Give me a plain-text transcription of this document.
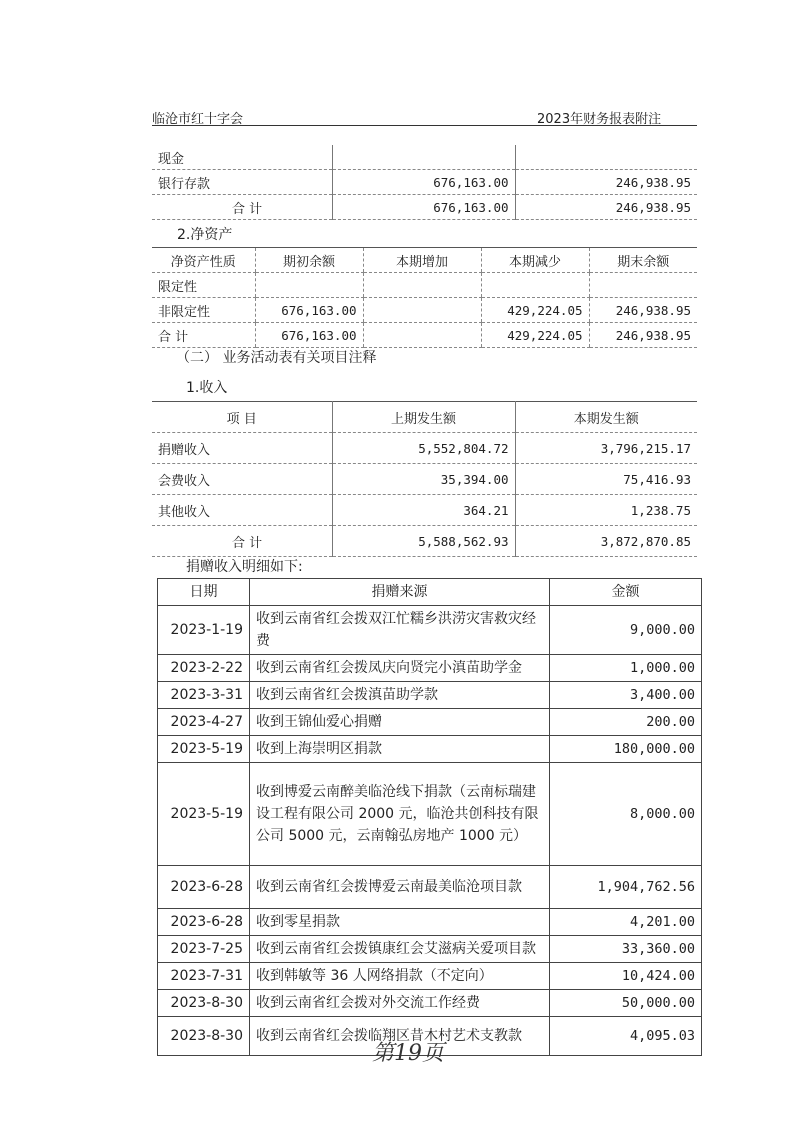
临沧市红十字会	2023年财务报表附注
现金		
银行存款	676,163.00	246,938.95
合 计	676,163.00	246,938.95
2.净资产
净资产性质	期初余额	本期增加	本期减少	期末余额
限定性				
非限定性	676,163.00		429,224.05	246,938.95
合 计	676,163.00		429,224.05	246,938.95
（二） 业务活动表有关项目注释
1.收入
项 目	上期发生额	本期发生额
捐赠收入	5,552,804.72	3,796,215.17
会费收入	35,394.00	75,416.93
其他收入	364.21	1,238.75
合 计	5,588,562.93	3,872,870.85
捐赠收入明细如下:
日期	捐赠来源	金额
2023-1-19	收到云南省红会拨双江忙糯乡洪涝灾害救灾经费	9,000.00
2023-2-22	收到云南省红会拨凤庆向贤完小滇苗助学金	1,000.00
2023-3-31	收到云南省红会拨滇苗助学款	3,400.00
2023-4-27	收到王锦仙爱心捐赠	200.00
2023-5-19	收到上海崇明区捐款	180,000.00
2023-5-19	收到博爱云南醉美临沧线下捐款（云南标瑞建设工程有限公司 2000 元，临沧共创科技有限公司 5000 元，云南翰弘房地产 1000 元）	8,000.00
2023-6-28	收到云南省红会拨博爱云南最美临沧项目款	1,904,762.56
2023-6-28	收到零星捐款	4,201.00
2023-7-25	收到云南省红会拨镇康红会艾滋病关爱项目款	33,360.00
2023-7-31	收到韩敏等 36 人网络捐款（不定向）	10,424.00
2023-8-30	收到云南省红会拨对外交流工作经费	50,000.00
2023-8-30	收到云南省红会拨临翔区昔木村艺术支教款	4,095.03
第19页
